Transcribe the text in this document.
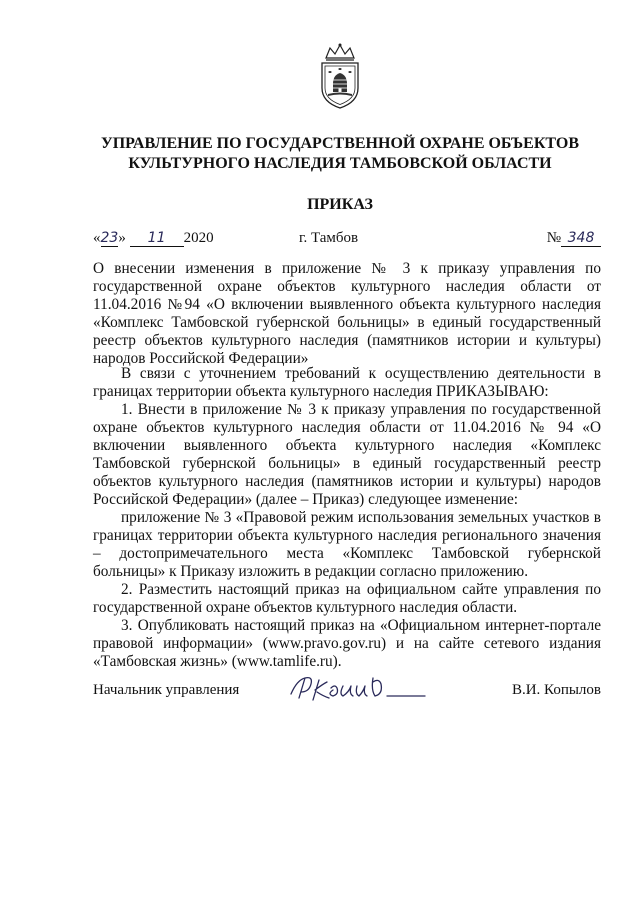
УПРАВЛЕНИЕ ПО ГОСУДАРСТВЕННОЙ ОХРАНЕ ОБЪЕКТОВ
КУЛЬТУРНОГО НАСЛЕДИЯ ТАМБОВСКОЙ ОБЛАСТИ
ПРИКАЗ
«23» 11 2020	г. Тамбов	№ 348
О внесении изменения в приложение № 3 к приказу управления по государственной охране объектов культурного наследия области от 11.04.2016 №94 «О включении выявленного объекта культурного наследия «Комплекс Тамбовской губернской больницы» в единый государственный реестр объектов культурного наследия (памятников истории и культуры) народов Российской Федерации»

В связи с уточнением требований к осуществлению деятельности в границах территории объекта культурного наследия ПРИКАЗЫВАЮ:

1. Внести в приложение № 3 к приказу управления по государственной охране объектов культурного наследия области от 11.04.2016 № 94 «О включении выявленного объекта культурного наследия «Комплекс Тамбовской губернской больницы» в единый государственный реестр объектов культурного наследия (памятников истории и культуры) народов Российской Федерации» (далее – Приказ) следующее изменение:

приложение № 3 «Правовой режим использования земельных участков в границах территории объекта культурного наследия регионального значения – достопримечательного места «Комплекс Тамбовской губернской больницы» к Приказу изложить в редакции согласно приложению.

2. Разместить настоящий приказ на официальном сайте управления по государственной охране объектов культурного наследия области.

3. Опубликовать настоящий приказ на «Официальном интернет-портале правовой информации» (www.pravo.gov.ru) и на сайте сетевого издания «Тамбовская жизнь» (www.tamlife.ru).

Начальник управления	В.И. Копылов
